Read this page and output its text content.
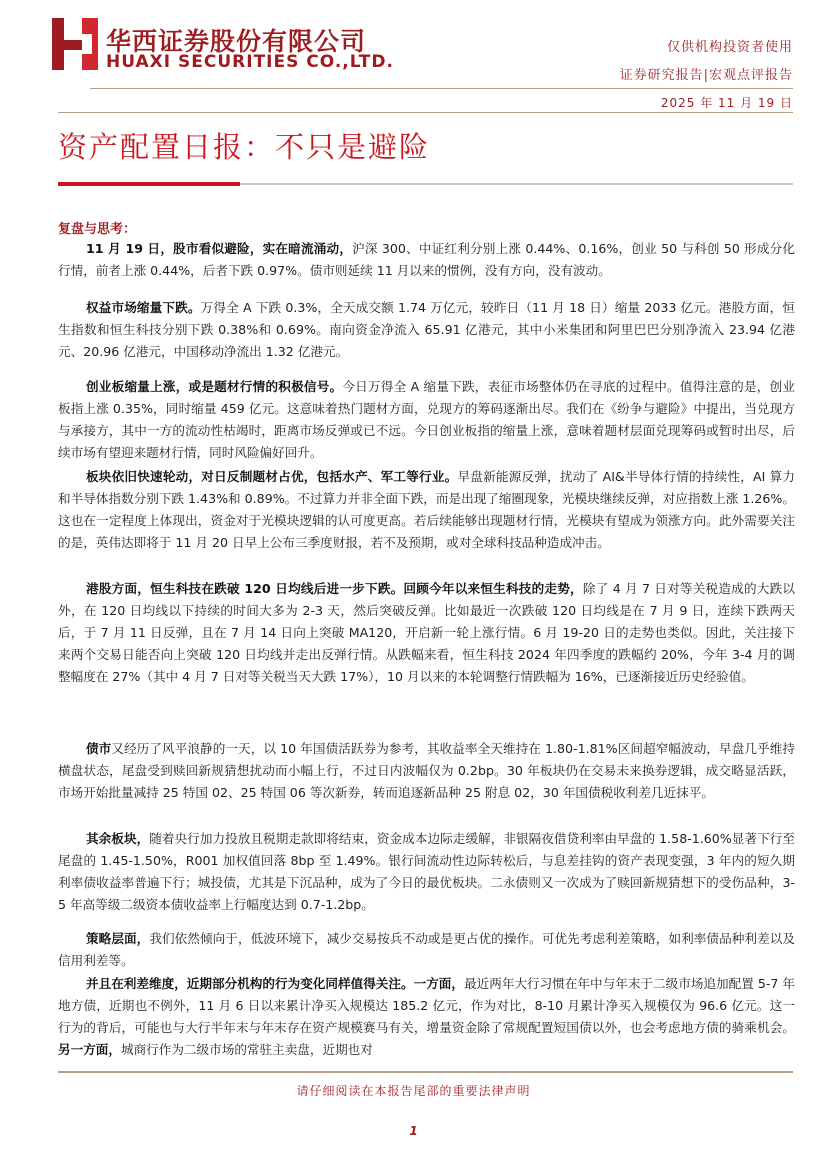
华西证券股份有限公司
HUAXI SECURITIES CO.,LTD.
仅供机构投资者使用
证券研究报告|宏观点评报告
2025 年 11 月 19 日
资产配置日报：不只是避险
复盘与思考：

11 月 19 日，股市看似避险，实在暗流涌动，沪深 300、中证红利分别上涨 0.44%、0.16%，创业 50 与科创 50 形成分化行情，前者上涨 0.44%，后者下跌 0.97%。债市则延续 11 月以来的惯例，没有方向，没有波动。

权益市场缩量下跌。万得全 A 下跌 0.3%，全天成交额 1.74 万亿元，较昨日（11 月 18 日）缩量 2033 亿元。港股方面，恒生指数和恒生科技分别下跌 0.38%和 0.69%。南向资金净流入 65.91 亿港元，其中小米集团和阿里巴巴分别净流入 23.94 亿港元、20.96 亿港元，中国移动净流出 1.32 亿港元。

创业板缩量上涨，或是题材行情的积极信号。今日万得全 A 缩量下跌，表征市场整体仍在寻底的过程中。值得注意的是，创业板指上涨 0.35%，同时缩量 459 亿元。这意味着热门题材方面，兑现方的筹码逐渐出尽。我们在《纷争与避险》中提出，当兑现方与承接方，其中一方的流动性枯竭时，距离市场反弹或已不远。今日创业板指的缩量上涨，意味着题材层面兑现筹码或暂时出尽，后续市场有望迎来题材行情，同时风险偏好回升。

板块依旧快速轮动，对日反制题材占优，包括水产、军工等行业。早盘新能源反弹，扰动了 AI&半导体行情的持续性，AI 算力和半导体指数分别下跌 1.43%和 0.89%。不过算力并非全面下跌，而是出现了缩圈现象，光模块继续反弹，对应指数上涨 1.26%。这也在一定程度上体现出，资金对于光模块逻辑的认可度更高。若后续能够出现题材行情，光模块有望成为领涨方向。此外需要关注的是，英伟达即将于 11 月 20 日早上公布三季度财报，若不及预期，或对全球科技品种造成冲击。

港股方面，恒生科技在跌破 120 日均线后进一步下跌。回顾今年以来恒生科技的走势，除了 4 月 7 日对等关税造成的大跌以外，在 120 日均线以下持续的时间大多为 2-3 天，然后突破反弹。比如最近一次跌破 120 日均线是在 7 月 9 日，连续下跌两天后，于 7 月 11 日反弹，且在 7 月 14 日向上突破 MA120，开启新一轮上涨行情。6 月 19-20 日的走势也类似。因此，关注接下来两个交易日能否向上突破 120 日均线并走出反弹行情。从跌幅来看，恒生科技 2024 年四季度的跌幅约 20%，今年 3-4 月的调整幅度在 27%（其中 4 月 7 日对等关税当天大跌 17%），10 月以来的本轮调整行情跌幅为 16%，已逐渐接近历史经验值。

债市又经历了风平浪静的一天，以 10 年国债活跃券为参考，其收益率全天维持在 1.80-1.81%区间超窄幅波动，早盘几乎维持横盘状态，尾盘受到赎回新规猜想扰动而小幅上行，不过日内波幅仅为 0.2bp。30 年板块仍在交易未来换券逻辑，成交略显活跃，市场开始批量减持 25 特国 02、25 特国 06 等次新券，转而追逐新品种 25 附息 02，30 年国债税收利差几近抹平。

其余板块，随着央行加力投放且税期走款即将结束，资金成本边际走缓解，非银隔夜借贷利率由早盘的 1.58-1.60%显著下行至尾盘的 1.45-1.50%，R001 加权值回落 8bp 至 1.49%。银行间流动性边际转松后，与息差挂钩的资产表现变强，3 年内的短久期利率债收益率普遍下行；城投债，尤其是下沉品种，成为了今日的最优板块。二永债则又一次成为了赎回新规猜想下的受伤品种，3-5 年高等级二级资本债收益率上行幅度达到 0.7-1.2bp。

策略层面，我们依然倾向于，低波环境下，减少交易按兵不动或是更占优的操作。可优先考虑利差策略，如利率债品种利差以及信用利差等。

并且在利差维度，近期部分机构的行为变化同样值得关注。一方面，最近两年大行习惯在年中与年末于二级市场追加配置 5-7 年地方债，近期也不例外，11 月 6 日以来累计净买入规模达 185.2 亿元，作为对比，8-10 月累计净买入规模仅为 96.6 亿元。这一行为的背后，可能也与大行半年末与年末存在资产规模赛马有关，增量资金除了常规配置短国债以外，也会考虑地方债的骑乘机会。另一方面，城商行作为二级市场的常驻主卖盘，近期也对

请仔细阅读在本报告尾部的重要法律声明
1
